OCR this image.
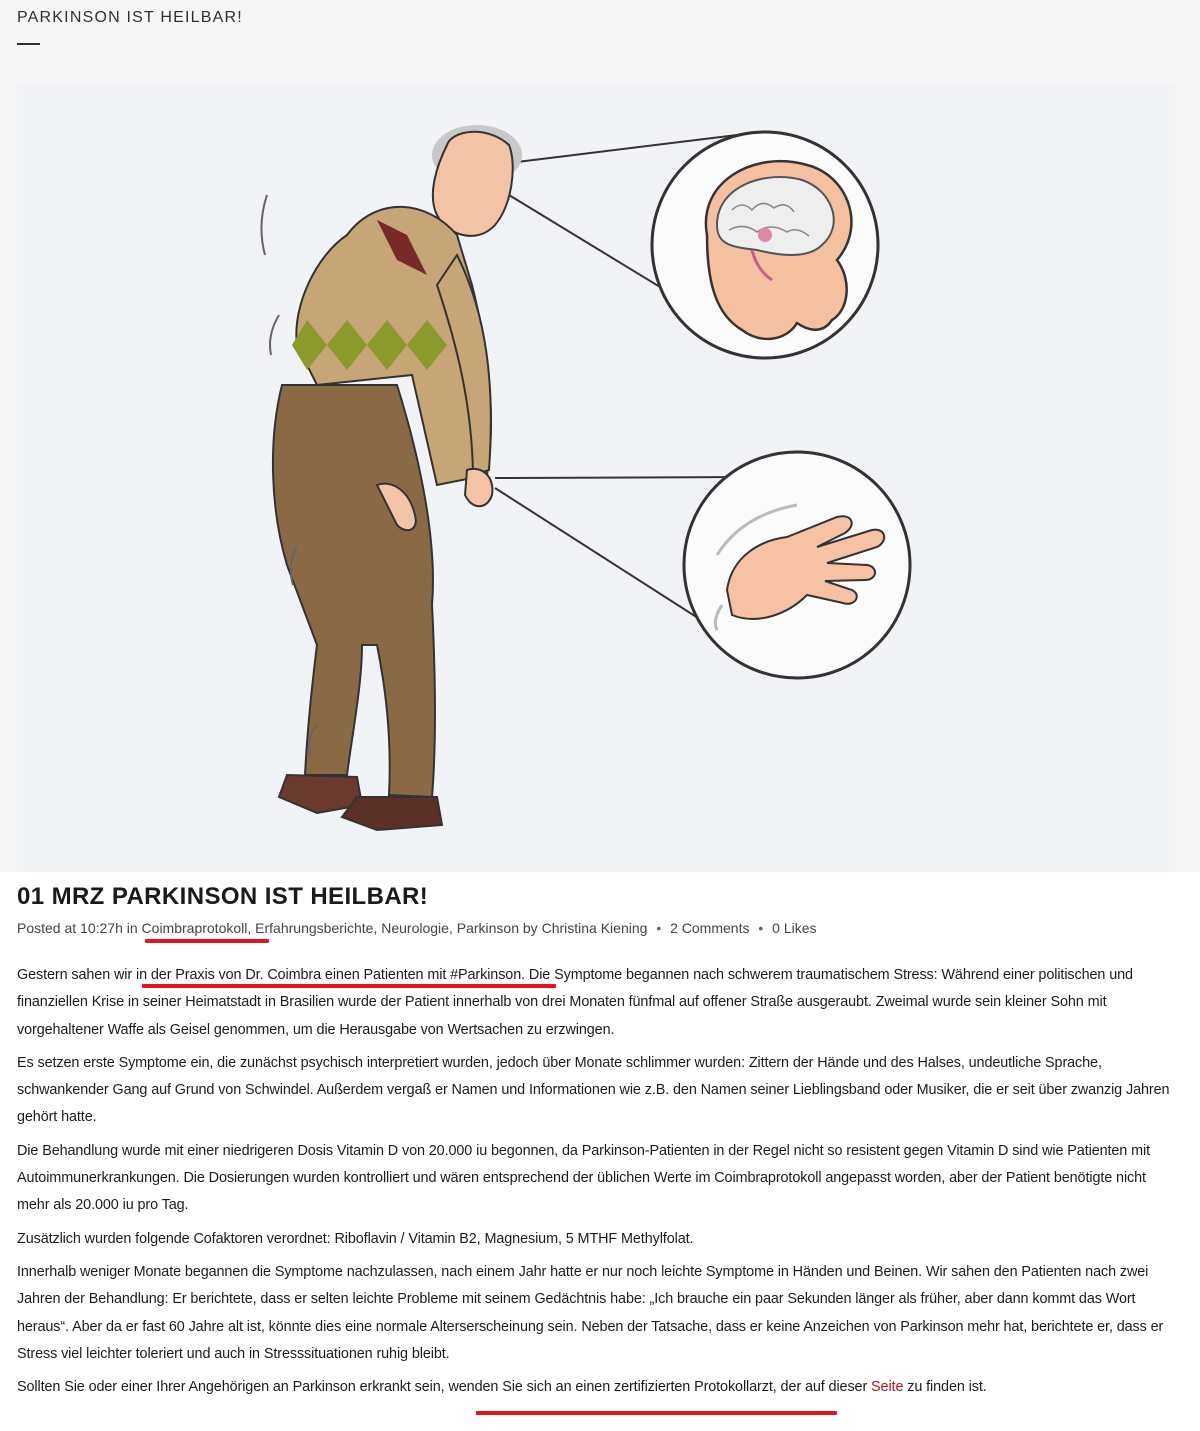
PARKINSON IST HEILBAR!
01 MRZ PARKINSON IST HEILBAR!
Posted at 10:27h in Coimbraprotokoll, Erfahrungsberichte, Neurologie, Parkinson by Christina Kiening • 2 Comments • 0 Likes

Gestern sahen wir in der Praxis von Dr. Coimbra einen Patienten mit #Parkinson. Die Symptome begannen nach schwerem traumatischem Stress: Während einer politischen und finanziellen Krise in seiner Heimatstadt in Brasilien wurde der Patient innerhalb von drei Monaten fünfmal auf offener Straße ausgeraubt. Zweimal wurde sein kleiner Sohn mit vorgehaltener Waffe als Geisel genommen, um die Herausgabe von Wertsachen zu erzwingen.

Es setzen erste Symptome ein, die zunächst psychisch interpretiert wurden, jedoch über Monate schlimmer wurden: Zittern der Hände und des Halses, undeutliche Sprache, schwankender Gang auf Grund von Schwindel. Außerdem vergaß er Namen und Informationen wie z.B. den Namen seiner Lieblingsband oder Musiker, die er seit über zwanzig Jahren gehört hatte.

Die Behandlung wurde mit einer niedrigeren Dosis Vitamin D von 20.000 iu begonnen, da Parkinson-Patienten in der Regel nicht so resistent gegen Vitamin D sind wie Patienten mit Autoimmunerkrankungen. Die Dosierungen wurden kontrolliert und wären entsprechend der üblichen Werte im Coimbraprotokoll angepasst worden, aber der Patient benötigte nicht mehr als 20.000 iu pro Tag.

Zusätzlich wurden folgende Cofaktoren verordnet: Riboflavin / Vitamin B2, Magnesium, 5 MTHF Methylfolat.

Innerhalb weniger Monate begannen die Symptome nachzulassen, nach einem Jahr hatte er nur noch leichte Symptome in Händen und Beinen. Wir sahen den Patienten nach zwei Jahren der Behandlung: Er berichtete, dass er selten leichte Probleme mit seinem Gedächtnis habe: „Ich brauche ein paar Sekunden länger als früher, aber dann kommt das Wort heraus“. Aber da er fast 60 Jahre alt ist, könnte dies eine normale Alterserscheinung sein. Neben der Tatsache, dass er keine Anzeichen von Parkinson mehr hat, berichtete er, dass er Stress viel leichter toleriert und auch in Stresssituationen ruhig bleibt.

Sollten Sie oder einer Ihrer Angehörigen an Parkinson erkrankt sein, wenden Sie sich an einen zertifizierten Protokollarzt, der auf dieser Seite zu finden ist.
